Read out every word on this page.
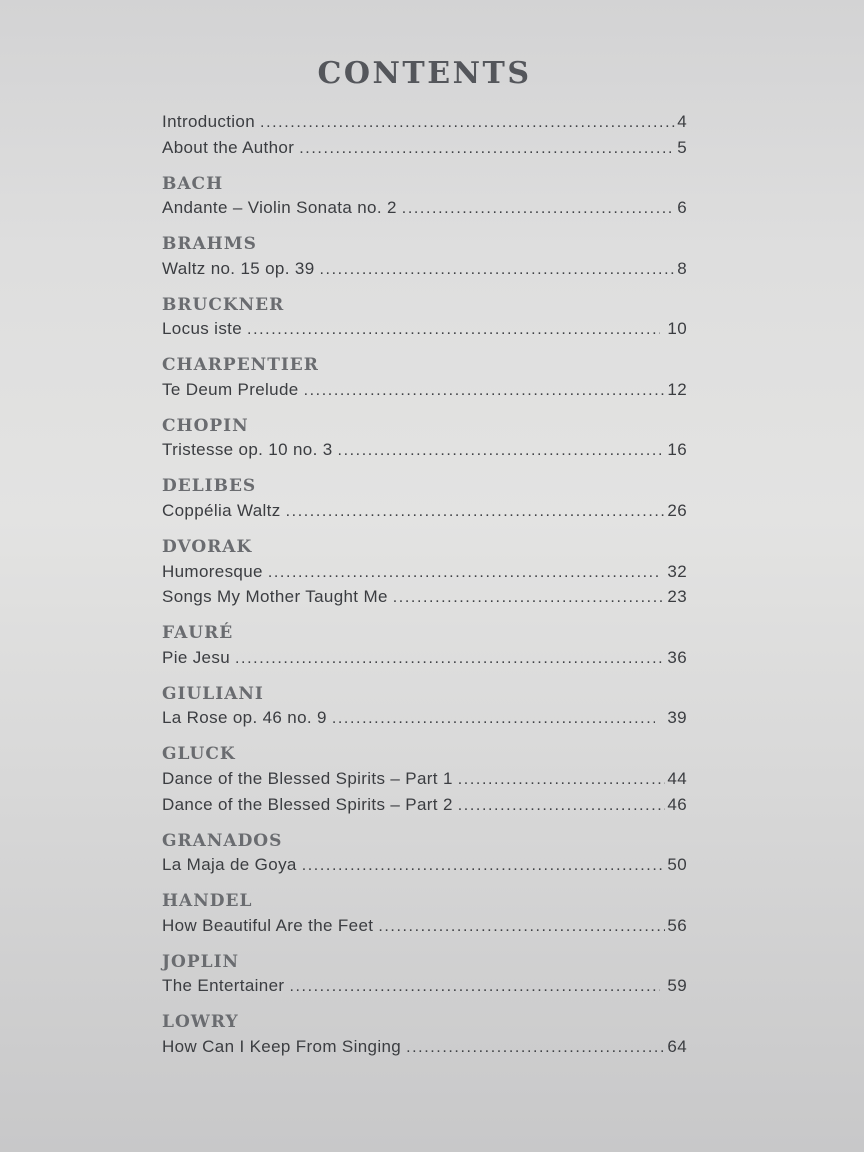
CONTENTS
Introduction .....	4
About the Author .....	5
BACH
Andante – Violin Sonata no. 2 .....	6
BRAHMS
Waltz no. 15 op. 39 .....	8
BRUCKNER
Locus iste .....	10
CHARPENTIER
Te Deum Prelude .....	12
CHOPIN
Tristesse op. 10 no. 3 .....	16
DELIBES
Coppélia Waltz .....	26
DVORAK
Humoresque .....	32
Songs My Mother Taught Me .....	23
FAURÉ
Pie Jesu .....	36
GIULIANI
La Rose op. 46 no. 9 .....	39
GLUCK
Dance of the Blessed Spirits – Part 1 .....	44
Dance of the Blessed Spirits – Part 2 .....	46
GRANADOS
La Maja de Goya .....	50
HANDEL
How Beautiful Are the Feet .....	56
JOPLIN
The Entertainer .....	59
LOWRY
How Can I Keep From Singing .....	64
